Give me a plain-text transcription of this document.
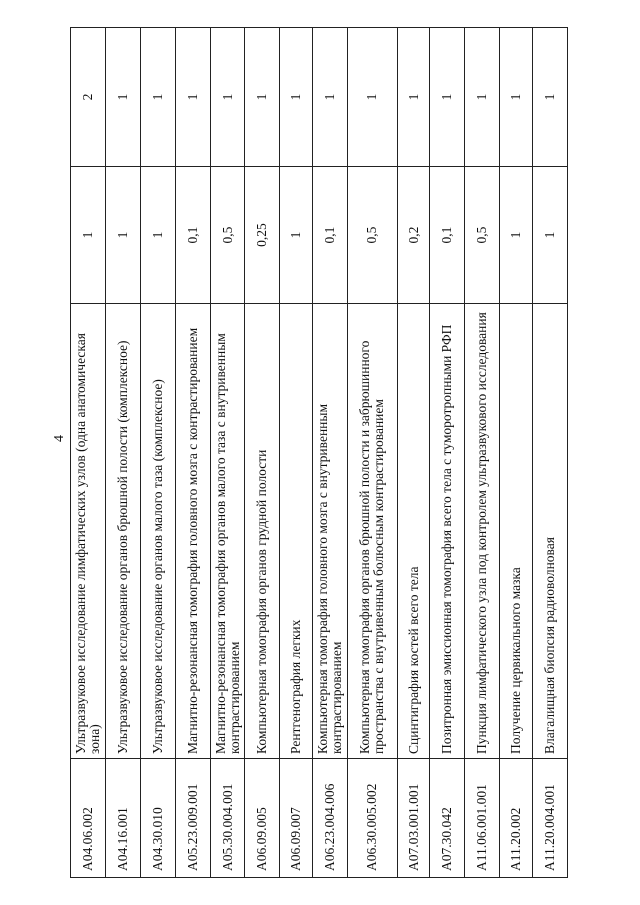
4
А04.06.002	Ультразвуковое исследование лимфатических узлов (одна анатомическая зона)	1	2
А04.16.001	Ультразвуковое исследование органов брюшной полости (комплексное)	1	1
А04.30.010	Ультразвуковое исследование органов малого таза (комплексное)	1	1
А05.23.009.001	Магнитно-резонансная томография головного мозга с контрастированием	0,1	1
А05.30.004.001	Магнитно-резонансная томография органов малого таза с внутривенным контрастированием	0,5	1
А06.09.005	Компьютерная томография органов грудной полости	0,25	1
А06.09.007	Рентгенография легких	1	1
А06.23.004.006	Компьютерная томография головного мозга с внутривенным контрастированием	0,1	1
А06.30.005.002	Компьютерная томография органов брюшной полости и забрюшинного пространства с внутривенным болюсным контрастированием	0,5	1
А07.03.001.001	Сцинтиграфия костей всего тела	0,2	1
А07.30.042	Позитронная эмиссионная томография всего тела с туморотропными РФП	0,1	1
А11.06.001.001	Пункция лимфатического узла под контролем ультразвукового исследования	0,5	1
А11.20.002	Получение цервикального мазка	1	1
А11.20.004.001	Влагалищная биопсия радиоволновая	1	1
